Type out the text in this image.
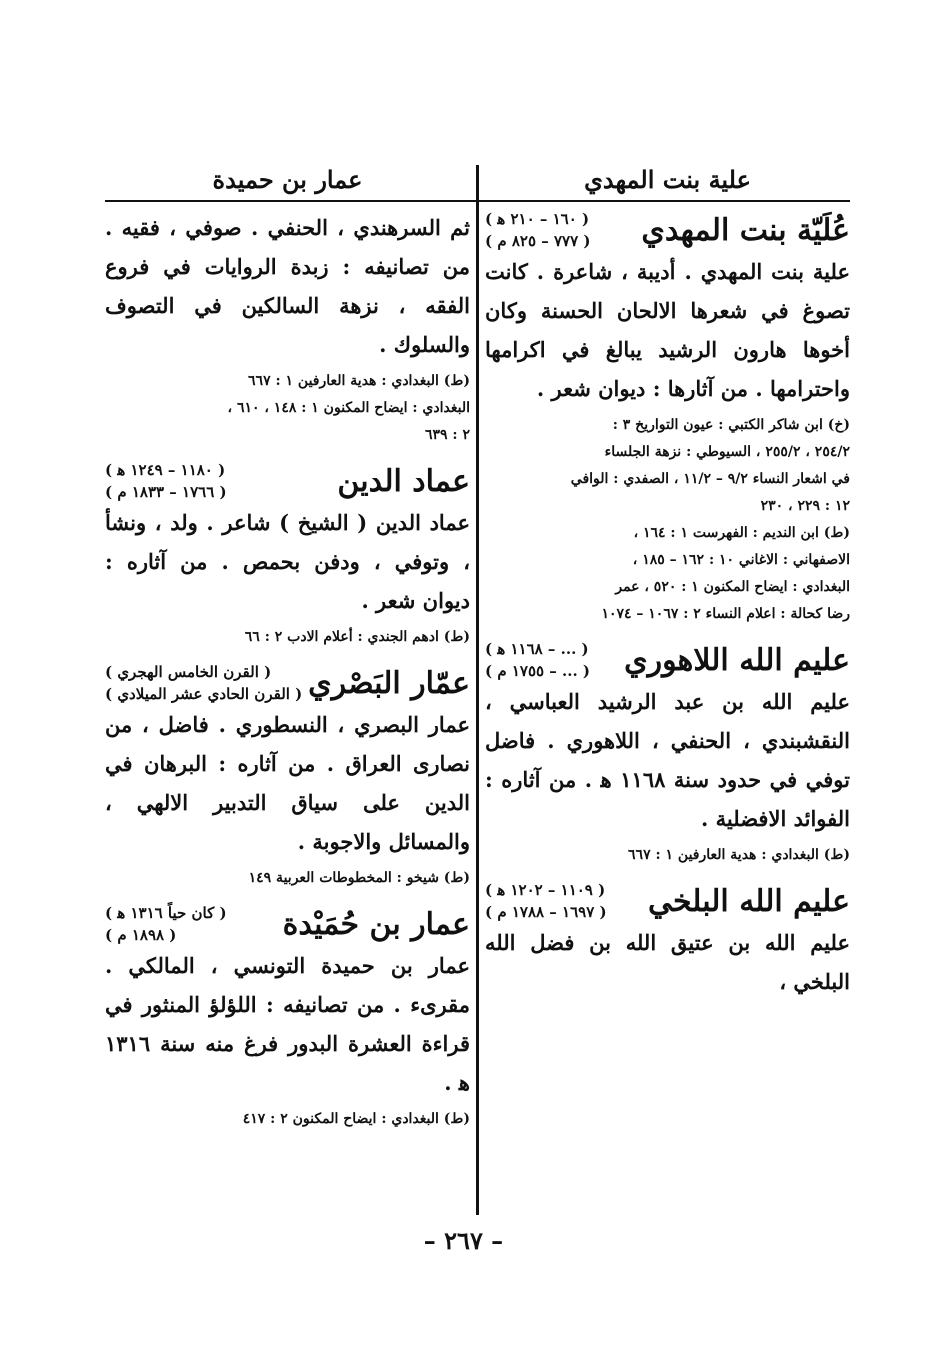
علية بنت المهدي
عُلَيّة بنت المهدي
( ١٦٠ – ٢١٠ ﻫ )
( ٧٧٧ – ٨٢٥ م )

علية بنت المهدي . أديبة ، شاعرة . كانت تصوغ في شعرها الالحان الحسنة وكان أخوها هارون الرشيد يبالغ في اكرامها واحترامها . من آثارها : ديوان شعر .

(خ) ابن شاكر الكتبي : عيون التواريخ ٣ :
٢٥٤/٢ ، ٢٥٥/٢ ، السيوطي : نزهة الجلساء
في اشعار النساء ٩/٢ – ١١/٢ ، الصفدي : الوافي
١٢ : ٢٢٩ ، ٢٣٠
(ط) ابن النديم : الفهرست ١ : ١٦٤ ،
الاصفهاني : الاغاني ١٠ : ١٦٢ – ١٨٥ ،
البغدادي : ايضاح المكنون ١ : ٥٢٠ ، عمر
رضا كحالة : اعلام النساء ٢ : ١٠٦٧ – ١٠٧٤
عليم الله اللاهوري
( ... – ١١٦٨ ﻫ )
( ... – ١٧٥٥ م )

عليم الله بن عبد الرشيد العباسي ، النقشبندي ، الحنفي ، اللاهوري . فاضل توفي في حدود سنة ١١٦٨ ﻫ . من آثاره : الفوائد الافضلية .

(ط) البغدادي : هدية العارفين ١ : ٦٦٧
عليم الله البلخي
( ١١٠٩ – ١٢٠٢ ﻫ )
( ١٦٩٧ – ١٧٨٨ م )

عليم الله بن عتيق الله بن فضل الله البلخي ،

عمار بن حميدة

ثم السرهندي ، الحنفي . صوفي ، فقيه . من تصانيفه : زبدة الروايات في فروع الفقه ، نزهة السالكين في التصوف والسلوك .

(ط) البغدادي : هدية العارفين ١ : ٦٦٧
البغدادي : ايضاح المكنون ١ : ١٤٨ ، ٦١٠ ،
٢ : ٦٣٩
عماد الدين
( ١١٨٠ – ١٢٤٩ ﻫ )
( ١٧٦٦ – ١٨٣٣ م )

عماد الدين ( الشيخ ) شاعر . ولد ، ونشأ ، وتوفي ، ودفن بحمص . من آثاره : ديوان شعر .

(ط) ادهم الجندي : أعلام الادب ٢ : ٦٦
عمّار البَصْري
( القرن الخامس الهجري )
( القرن الحادي عشر الميلادي )

عمار البصري ، النسطوري . فاضل ، من نصارى العراق . من آثاره : البرهان في الدين على سياق التدبير الالهي ، والمسائل والاجوبة .

(ط) شيخو : المخطوطات العربية ١٤٩
عمار بن حُمَيْدة
( كان حياً ١٣١٦ ﻫ )
( ١٨٩٨ م )

عمار بن حميدة التونسي ، المالكي . مقرىء . من تصانيفه : اللؤلؤ المنثور في قراءة العشرة البدور فرغ منه سنة ١٣١٦ ﻫ .

(ط) البغدادي : ايضاح المكنون ٢ : ٤١٧
– ٢٦٧ –
